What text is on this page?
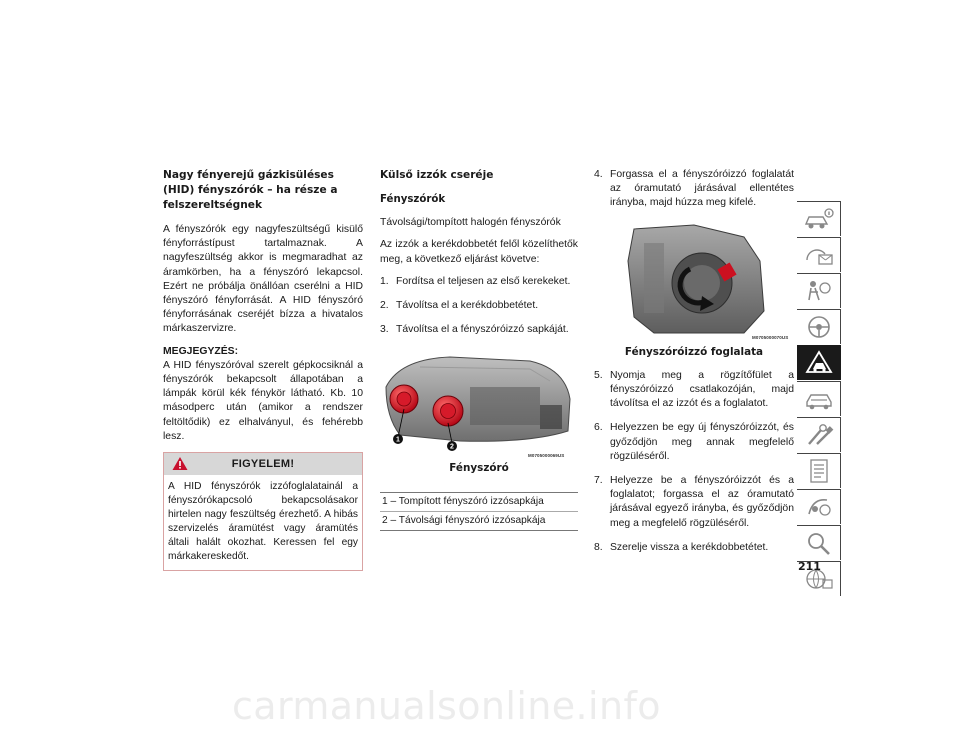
Nagy fényerejű gázkisüléses (HID) fényszórók – ha része a felszereltségnek

A fényszórók egy nagyfeszültségű kisülő fényforrástípust tartalmaznak. A nagyfeszültség akkor is megmaradhat az áramkörben, ha a fényszóró lekapcsol. Ezért ne próbálja önállóan cserélni a HID fényszóró fényforrását. A HID fényszóró fényforrásának cseréjét bízza a hivatalos márkaszervizre.

MEGJEGYZÉS:

A HID fényszóróval szerelt gépkocsiknál a fényszórók bekapcsolt állapotában a lámpák körül kék fénykör látható. Kb. 10 másodperc után (amikor a rendszer feltöltődik) ez elhalványul, és fehérebb lesz.

FIGYELEM!
A HID fényszórók izzófoglalatainál a fényszórókapcsoló bekapcsolásakor hirtelen nagy feszültség érezhető. A hibás szervizelés áramütést vagy áramütés általi halált okozhat. Keressen fel egy márkakereskedőt.
Külső izzók cseréje
Fényszórók

Távolsági/tompított halogén fényszórók

Az izzók a kerékdobbetét felől közelíthetők meg, a következő eljárást követve:

1. Fordítsa el teljesen az első kerekeket.
2. Távolítsa el a kerékdobbetétet.
3. Távolítsa el a fényszóróizzó sapkáját.
1
2
M0705000069US
Fényszóró
1 – Tompított fényszóró izzósapkája
2 – Távolsági fényszóró izzósapkája
4. Forgassa el a fényszóróizzó foglalatát az óramutató járásával ellentétes irányba, majd húzza meg kifelé.
M0705000070US
Fényszóróizzó foglalata
5. Nyomja meg a rögzítőfület a fényszóróizzó csatlakozóján, majd távolítsa el az izzót és a foglalatot.
6. Helyezzen be egy új fényszóróizzót, és győződjön meg annak megfelelő rögzüléséről.
7. Helyezze be a fényszóróizzót és a foglalatot; forgassa el az óramutató járásával egyező irányba, és győződjön meg a megfelelő rögzüléséről.
8. Szerelje vissza a kerékdobbetétet.
211
carmanualsonline.info
